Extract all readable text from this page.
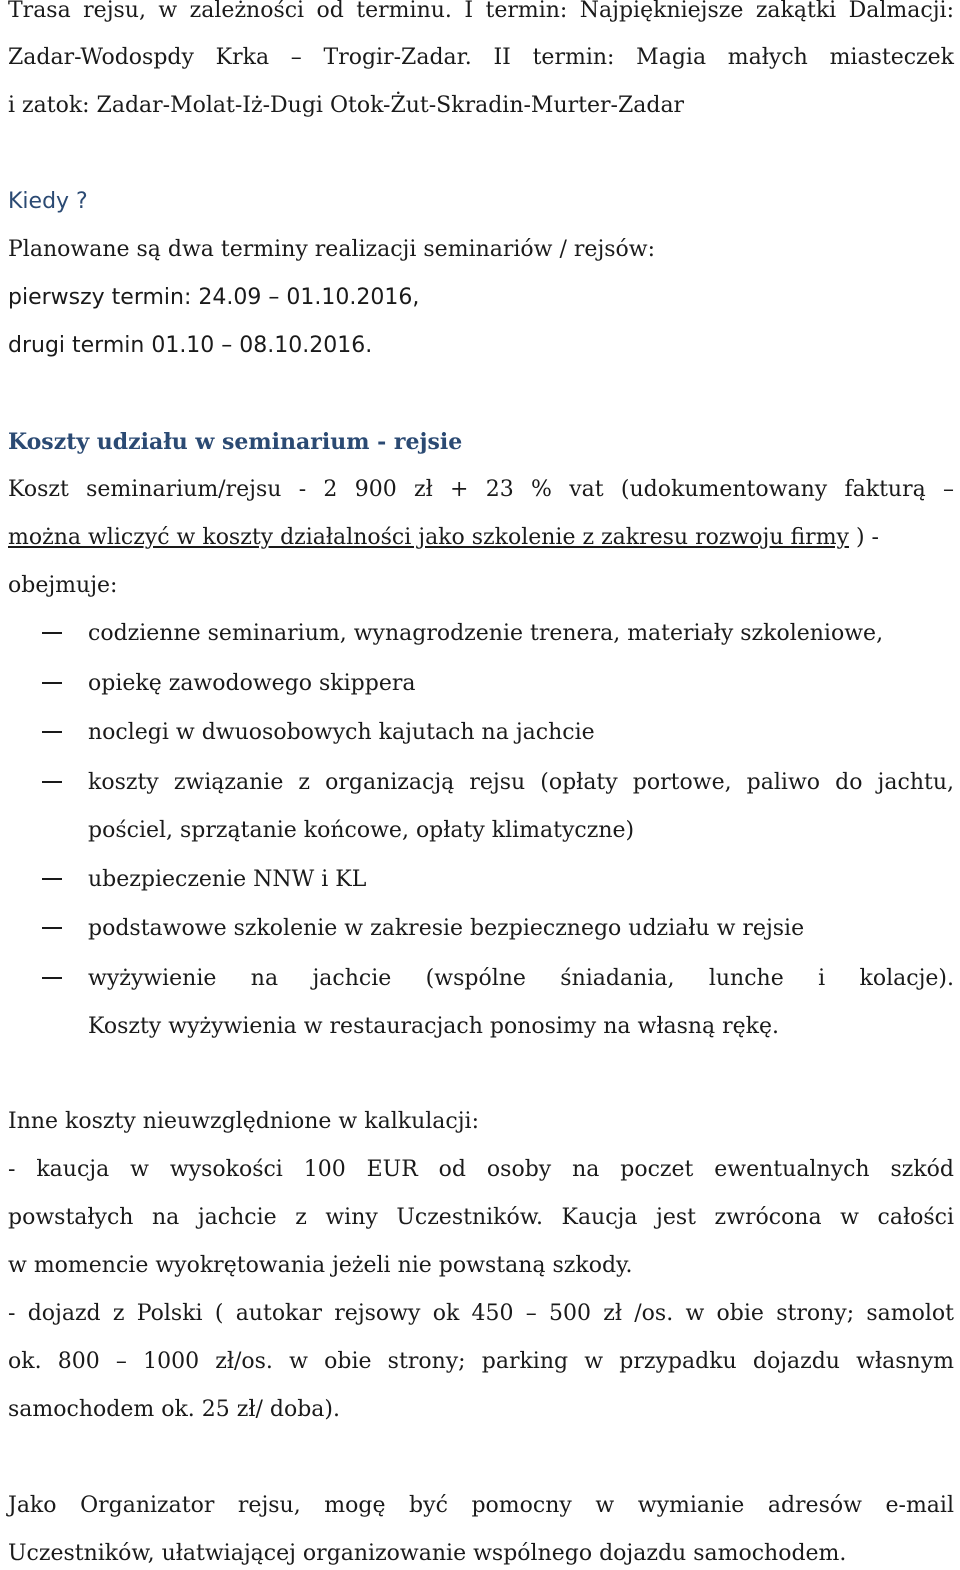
Trasa rejsu, w zależności od terminu. I termin: Najpiękniejsze zakątki Dalmacji:
Zadar-Wodospdy Krka – Trogir-Zadar. II termin: Magia małych miasteczek
i zatok: Zadar-Molat-Iż-Dugi Otok-Żut-Skradin-Murter-Zadar
Kiedy ?
Planowane są dwa terminy realizacji seminariów / rejsów:
pierwszy termin: 24.09 – 01.10.2016,
drugi termin 01.10 – 08.10.2016.
Koszty udziału w seminarium - rejsie
Koszt seminarium/rejsu - 2 900 zł + 23 % vat (udokumentowany fakturą –
można wliczyć w koszty działalności jako szkolenie z zakresu rozwoju firmy ) -
obejmuje:
codzienne seminarium, wynagrodzenie trenera, materiały szkoleniowe,
opiekę zawodowego skippera
noclegi w dwuosobowych kajutach na jachcie
koszty związanie z organizacją rejsu (opłaty portowe, paliwo do jachtu,
pościel, sprzątanie końcowe, opłaty klimatyczne)
ubezpieczenie NNW i KL
podstawowe szkolenie w zakresie bezpiecznego udziału w rejsie
wyżywienie na jachcie (wspólne śniadania, lunche i kolacje).
Koszty wyżywienia w restauracjach ponosimy na własną rękę.
Inne koszty nieuwzględnione w kalkulacji:
- kaucja w wysokości 100 EUR od osoby na poczet ewentualnych szkód
powstałych na jachcie z winy Uczestników. Kaucja jest zwrócona w całości
w momencie wyokrętowania jeżeli nie powstaną szkody.
- dojazd z Polski ( autokar rejsowy ok 450 – 500 zł /os. w obie strony; samolot
ok. 800 – 1000 zł/os. w obie strony; parking w przypadku dojazdu własnym
samochodem ok. 25 zł/ doba).
Jako Organizator rejsu, mogę być pomocny w wymianie adresów e-mail
Uczestników, ułatwiającej organizowanie wspólnego dojazdu samochodem.
